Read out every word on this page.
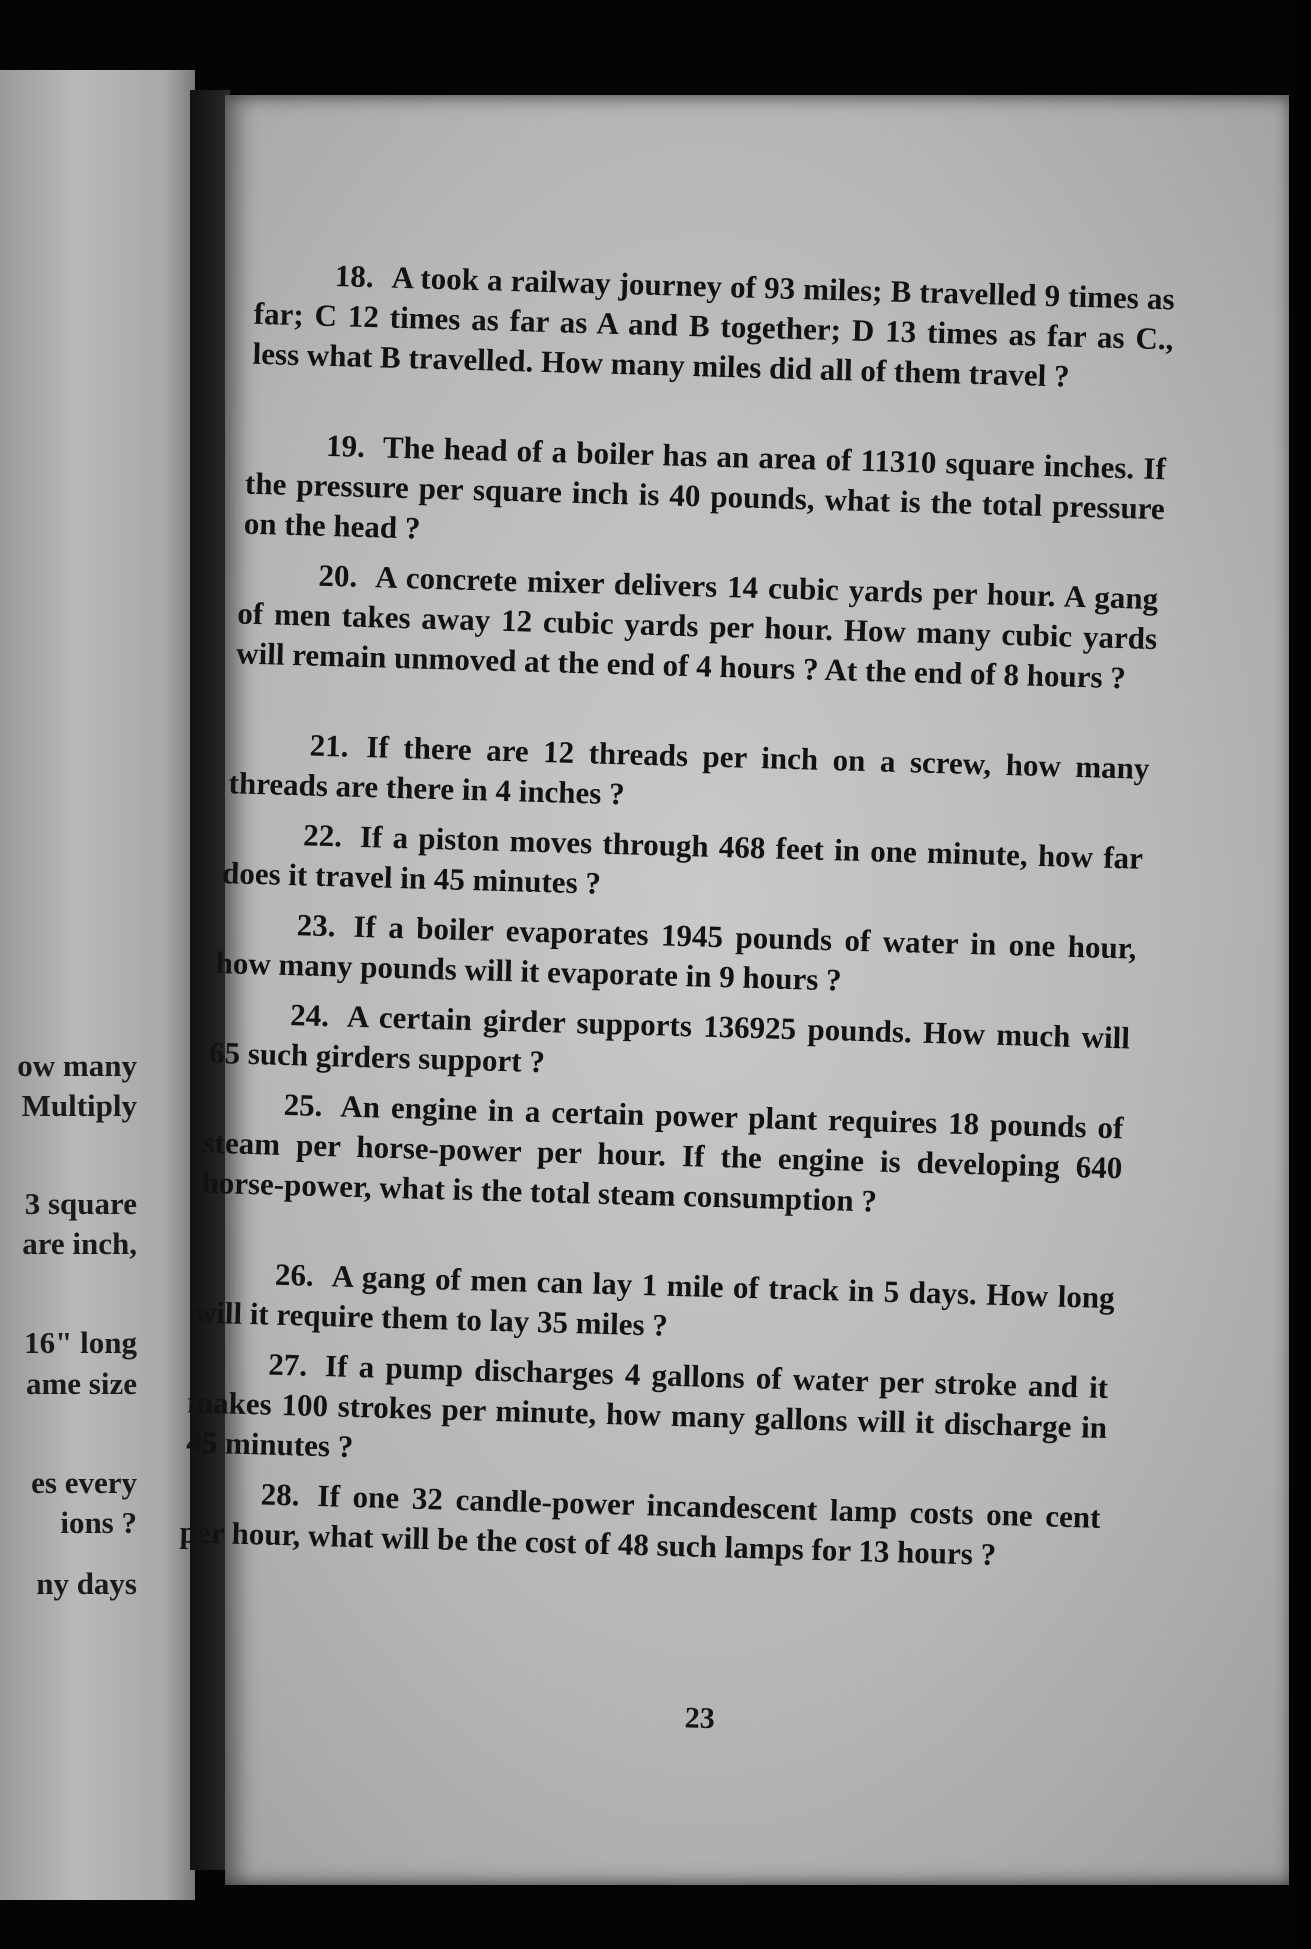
ow many
Multiply
3 square
are inch,
16" long
ame size
es every
ions ?
ny days
18. A took a railway journey of 93 miles; B travelled 9 times as far; C 12 times as far as A and B together; D 13 times as far as C., less what B travelled. How many miles did all of them travel ?
19. The head of a boiler has an area of 11310 square inches. If the pressure per square inch is 40 pounds, what is the total pressure on the head ?
20. A concrete mixer delivers 14 cubic yards per hour. A gang of men takes away 12 cubic yards per hour. How many cubic yards will remain unmoved at the end of 4 hours ? At the end of 8 hours ?
21. If there are 12 threads per inch on a screw, how many threads are there in 4 inches ?
22. If a piston moves through 468 feet in one minute, how far does it travel in 45 minutes ?
23. If a boiler evaporates 1945 pounds of water in one hour, how many pounds will it evaporate in 9 hours ?
24. A certain girder supports 136925 pounds. How much will 65 such girders support ?
25. An engine in a certain power plant requires 18 pounds of steam per horse-power per hour. If the engine is developing 640 horse-power, what is the total steam consumption ?
26. A gang of men can lay 1 mile of track in 5 days. How long will it require them to lay 35 miles ?
27. If a pump discharges 4 gallons of water per stroke and it makes 100 strokes per minute, how many gallons will it discharge in 45 minutes ?
28. If one 32 candle-power incandescent lamp costs one cent per hour, what will be the cost of 48 such lamps for 13 hours ?
23
